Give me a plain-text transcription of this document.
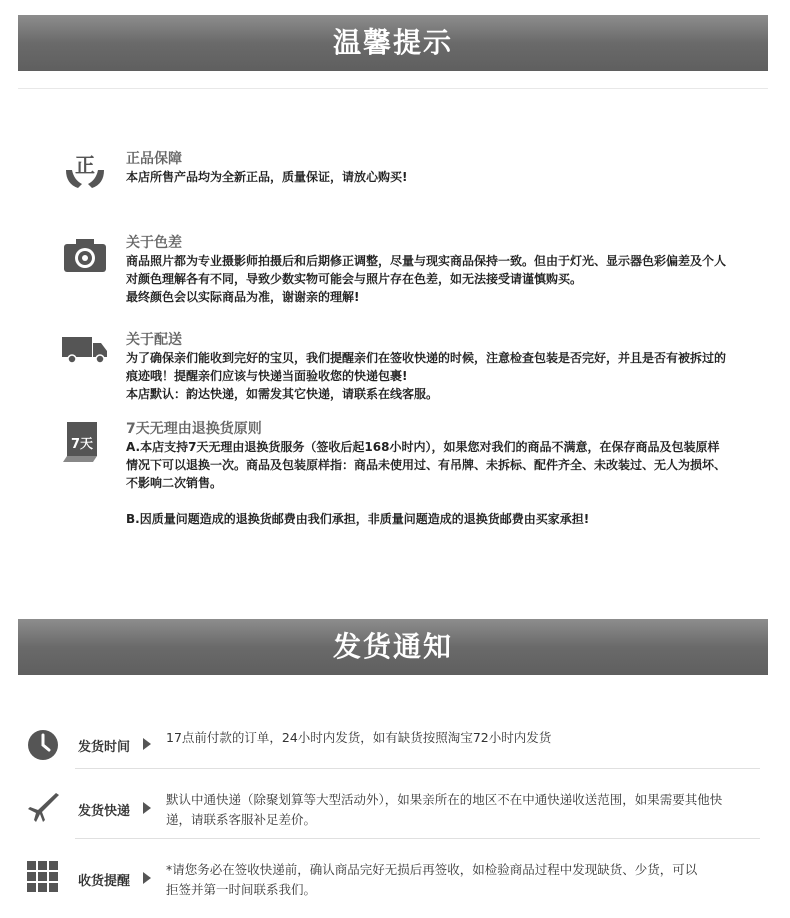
温馨提示
正 正品保障

本店所售产品均为全新正品，质量保证，请放心购买!

关于色差

商品照片都为专业摄影师拍摄后和后期修正调整，尽量与现实商品保持一致。但由于灯光、显示器色彩偏差及个人

对颜色理解各有不同，导致少数实物可能会与照片存在色差，如无法接受请谨慎购买。

最终颜色会以实际商品为准，谢谢亲的理解!

关于配送

为了确保亲们能收到完好的宝贝，我们提醒亲们在签收快递的时候，注意检查包装是否完好，并且是否有被拆过的

痕迹哦！提醒亲们应该与快递当面验收您的快递包裹!

本店默认：韵达快递，如需发其它快递，请联系在线客服。

7天
7天无理由退换货原则

A.本店支持7天无理由退换货服务（签收后起168小时内），如果您对我们的商品不满意，在保存商品及包装原样

情况下可以退换一次。商品及包装原样指：商品未使用过、有吊牌、未拆标、配件齐全、未改装过、无人为损坏、

不影响二次销售。

B.因质量问题造成的退换货邮费由我们承担，非质量问题造成的退换货邮费由买家承担!

发货通知
发货时间
17点前付款的订单，24小时内发货，如有缺货按照淘宝72小时内发货
发货快递
默认中通快递（除聚划算等大型活动外），如果亲所在的地区不在中通快递收送范围，如果需要其他快
递，请联系客服补足差价。
收货提醒
*请您务必在签收快递前，确认商品完好无损后再签收，如检验商品过程中发现缺货、少货，可以
拒签并第一时间联系我们。
